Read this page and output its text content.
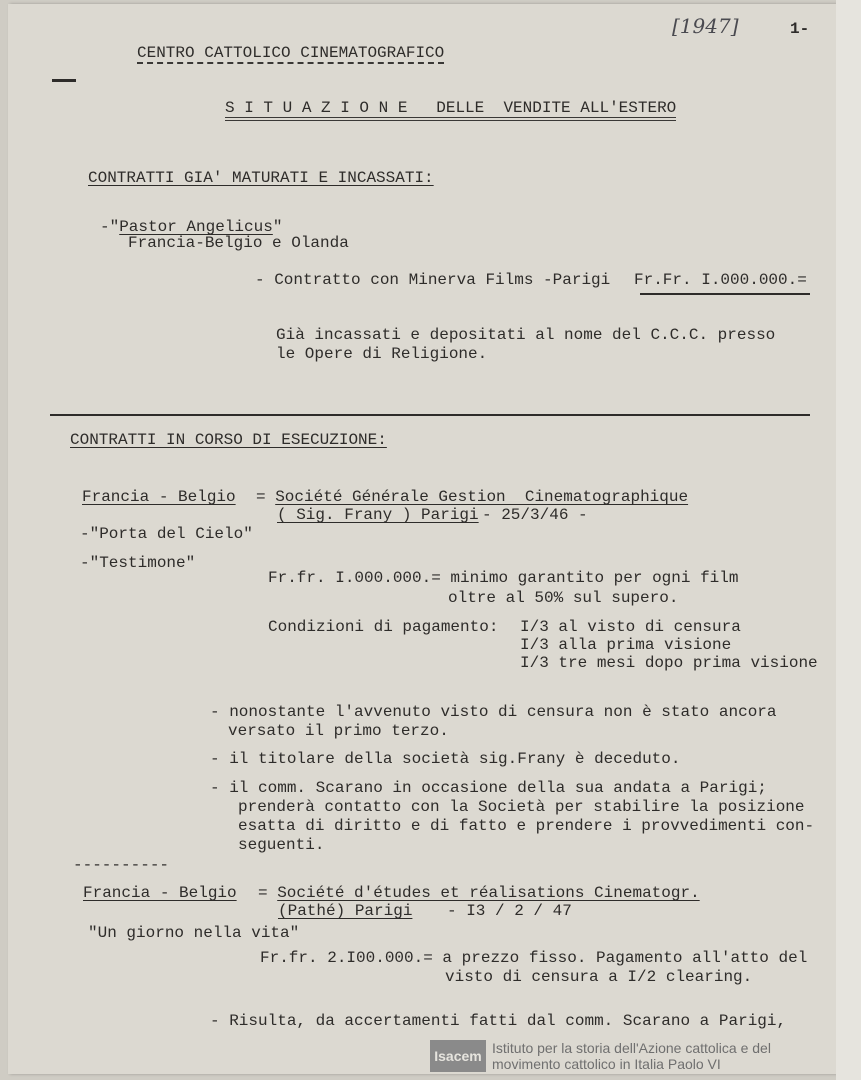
[1947]	1-
CENTRO CATTOLICO CINEMATOGRAFICO
S I T U A Z I O N E   DELLE  VENDITE ALL'ESTERO
CONTRATTI GIA' MATURATI E INCASSATI:
-"Pastor Angelicus"
Francia-Belgio e Olanda
- Contratto con Minerva Films -Parigi Fr.Fr. I.000.000.=
Già incassati e depositati al nome del C.C.C. presso
le Opere di Religione.
CONTRATTI IN CORSO DI ESECUZIONE:
Francia - Belgio = Société Générale Gestion  Cinematographique
( Sig. Frany ) Parigi - 25/3/46 -
-"Porta del Cielo"
-"Testimone"
Fr.fr. I.000.000.= minimo garantito per ogni film
oltre al 50% sul supero.
Condizioni di pagamento: I/3 al visto di censura
I/3 alla prima visione
I/3 tre mesi dopo prima visione
- nonostante l'avvenuto visto di censura non è stato ancora
versato il primo terzo.
- il titolare della società sig.Frany è deceduto.
- il comm. Scarano in occasione della sua andata a Parigi;
prenderà contatto con la Società per stabilire la posizione
esatta di diritto e di fatto e prendere i provvedimenti con-
seguenti.
----------
Francia - Belgio = Société d'études et réalisations Cinematogr.
(Pathé) Parigi - I3 / 2 / 47
"Un giorno nella vita"
Fr.fr. 2.I00.000.= a prezzo fisso. Pagamento all'atto del
visto di censura a I/2 clearing.
- Risulta, da accertamenti fatti dal comm. Scarano a Parigi,
Isacem Istituto per la storia dell'Azione cattolica e del movimento cattolico in Italia Paolo VI
